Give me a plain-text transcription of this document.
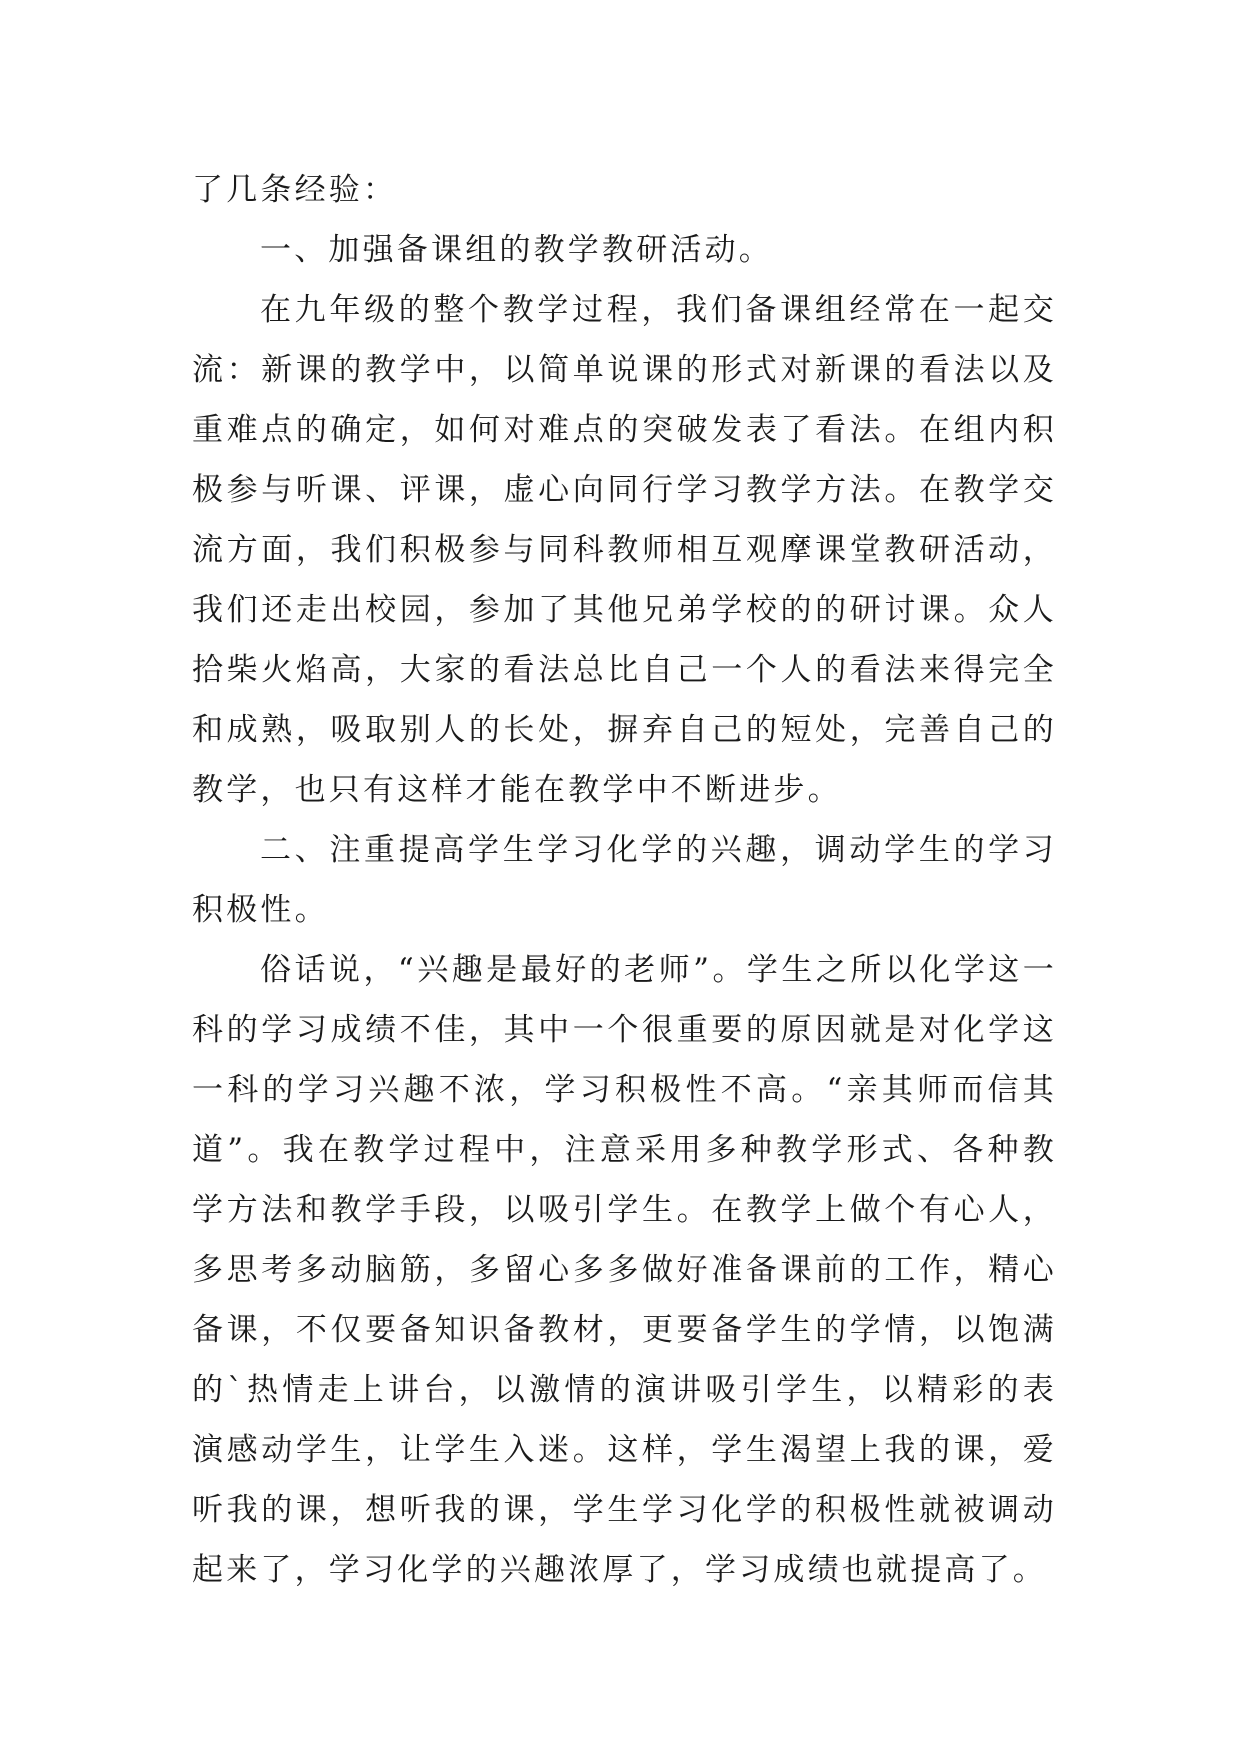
了几条经验：

一、加强备课组的教学教研活动。

在九年级的整个教学过程，我们备课组经常在一起交流：新课的教学中，以简单说课的形式对新课的看法以及重难点的确定，如何对难点的突破发表了看法。在组内积极参与听课、评课，虚心向同行学习教学方法。在教学交流方面，我们积极参与同科教师相互观摩课堂教研活动，我们还走出校园，参加了其他兄弟学校的的研讨课。众人拾柴火焰高，大家的看法总比自己一个人的看法来得完全和成熟，吸取别人的长处，摒弃自己的短处，完善自己的教学，也只有这样才能在教学中不断进步。

二、注重提高学生学习化学的兴趣，调动学生的学习积极性。

俗话说，“兴趣是最好的老师”。学生之所以化学这一科的学习成绩不佳，其中一个很重要的原因就是对化学这一科的学习兴趣不浓，学习积极性不高。“亲其师而信其道”。我在教学过程中，注意采用多种教学形式、各种教学方法和教学手段，以吸引学生。在教学上做个有心人，多思考多动脑筋，多留心多多做好准备课前的工作，精心备课，不仅要备知识备教材，更要备学生的学情，以饱满的`热情走上讲台，以激情的演讲吸引学生，以精彩的表演感动学生，让学生入迷。这样，学生渴望上我的课，爱听我的课，想听我的课，学生学习化学的积极性就被调动起来了，学习化学的兴趣浓厚了，学习成绩也就提高了。
